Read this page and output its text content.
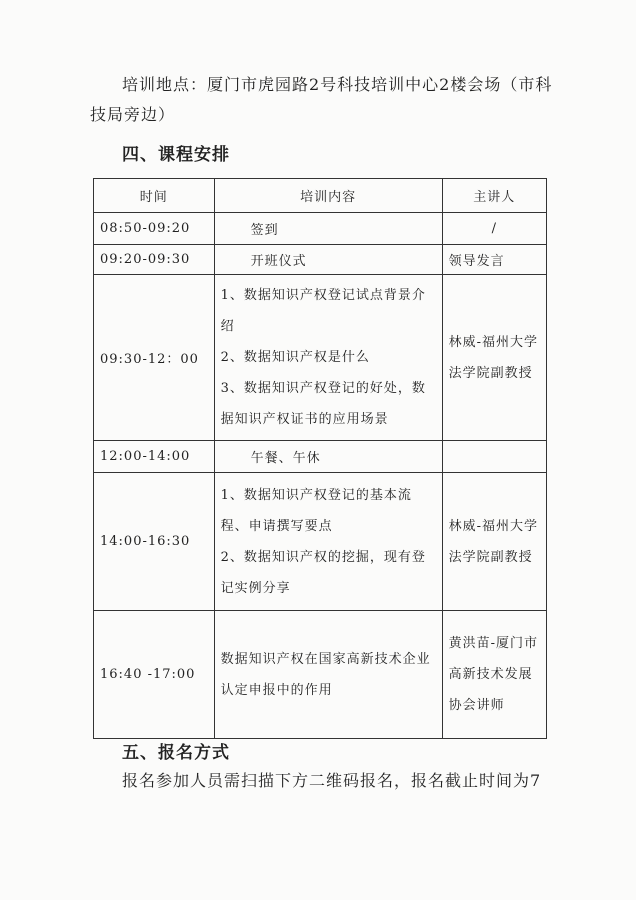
培训地点：厦门市虎园路2号科技培训中心2楼会场（市科技局旁边）

四、课程安排

时间	培训内容	主讲人
08:50-09:20	签到	/
09:20-09:30	开班仪式	领导发言
09:30-12：00	1、数据知识产权登记试点背景介绍
2、数据知识产权是什么
3、数据知识产权登记的好处，数据知识产权证书的应用场景	林威-福州大学法学院副教授
12:00-14:00	午餐、午休	
14:00-16:30	1、数据知识产权登记的基本流程、申请撰写要点
2、数据知识产权的挖掘，现有登记实例分享	林威-福州大学法学院副教授
16:40 -17:00	数据知识产权在国家高新技术企业认定申报中的作用	黄洪苗-厦门市高新技术发展协会讲师

五、报名方式

报名参加人员需扫描下方二维码报名，报名截止时间为7
